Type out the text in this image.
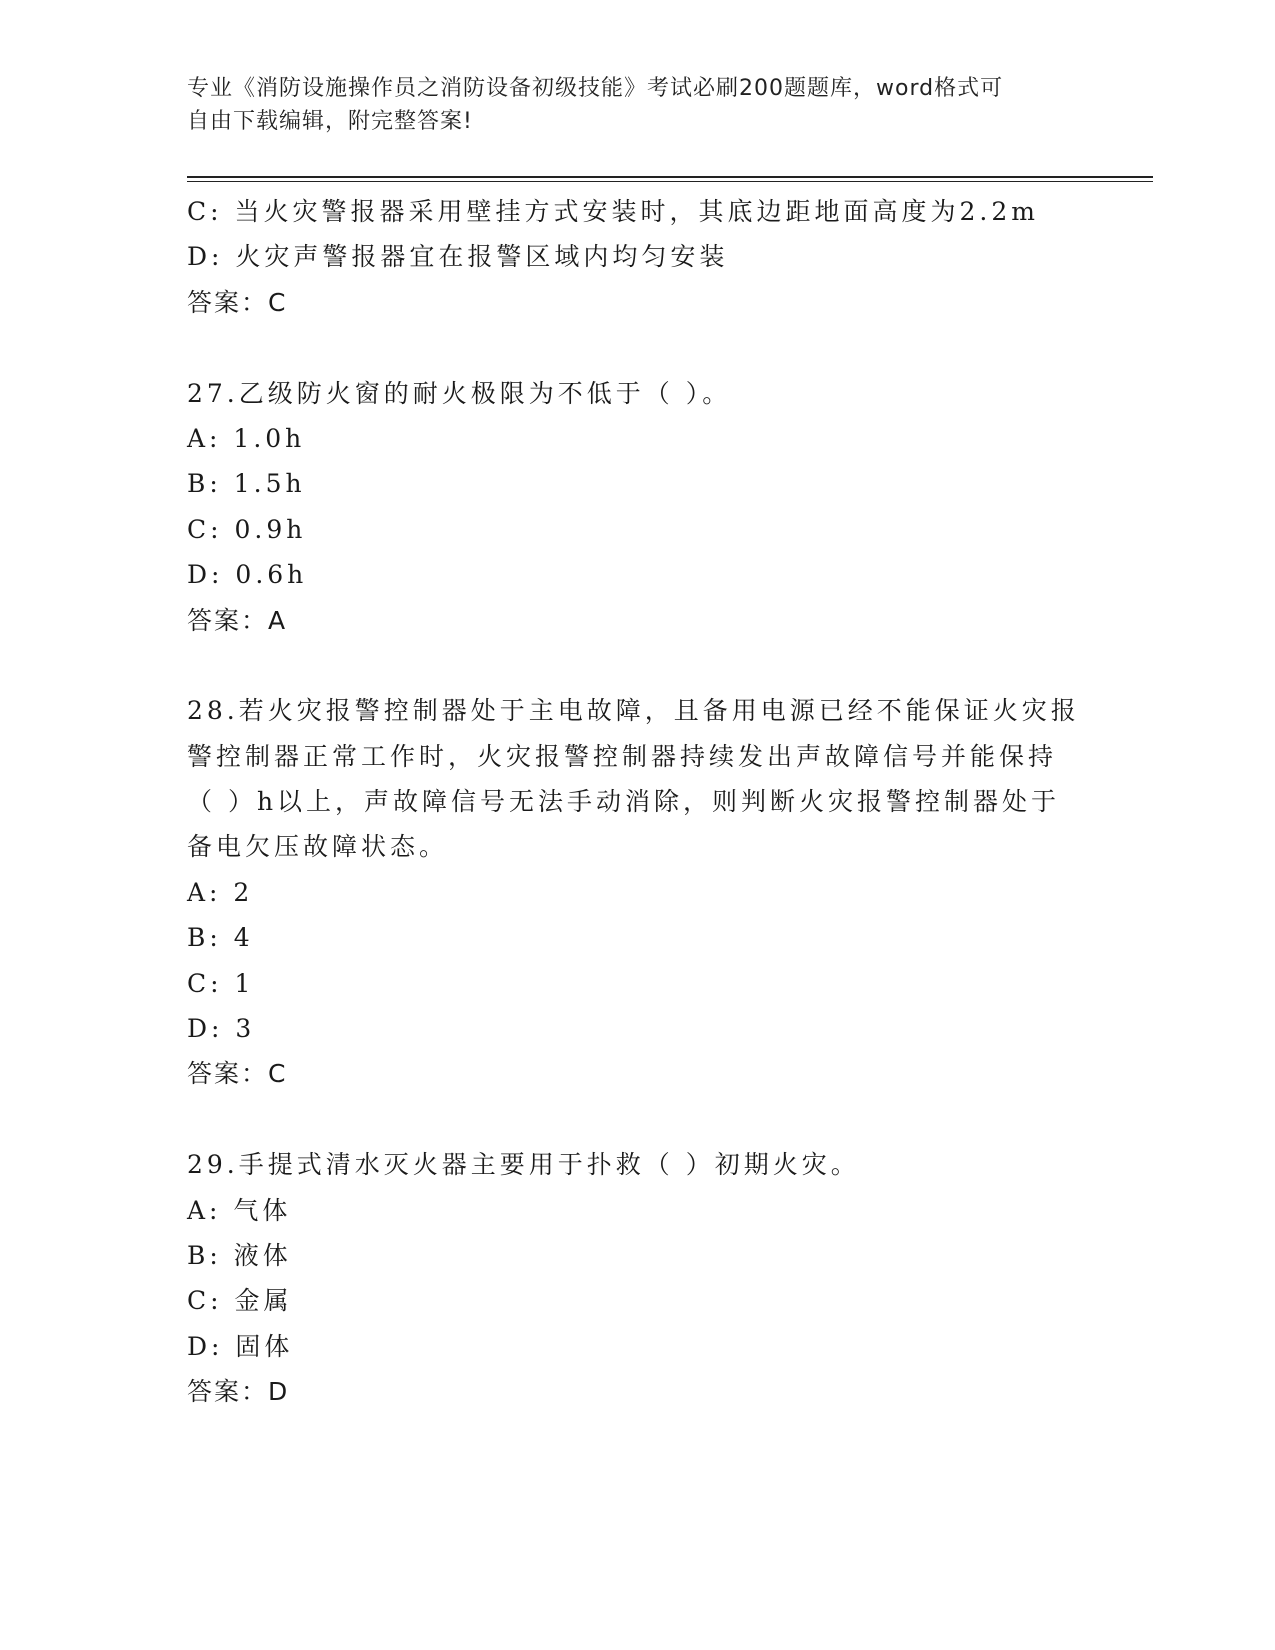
专业《消防设施操作员之消防设备初级技能》考试必刷200题题库，word格式可
自由下载编辑，附完整答案!
C: 当火灾警报器采用壁挂方式安装时，其底边距地面高度为2.2m
D: 火灾声警报器宜在报警区域内均匀安装
答案：C
27.乙级防火窗的耐火极限为不低于（ ）。
A: 1.0h
B: 1.5h
C: 0.9h
D: 0.6h
答案：A
28.若火灾报警控制器处于主电故障，且备用电源已经不能保证火灾报
警控制器正常工作时，火灾报警控制器持续发出声故障信号并能保持
（ ）h以上，声故障信号无法手动消除，则判断火灾报警控制器处于
备电欠压故障状态。
A: 2
B: 4
C: 1
D: 3
答案：C
29.手提式清水灭火器主要用于扑救（ ）初期火灾。
A: 气体
B: 液体
C: 金属
D: 固体
答案：D
